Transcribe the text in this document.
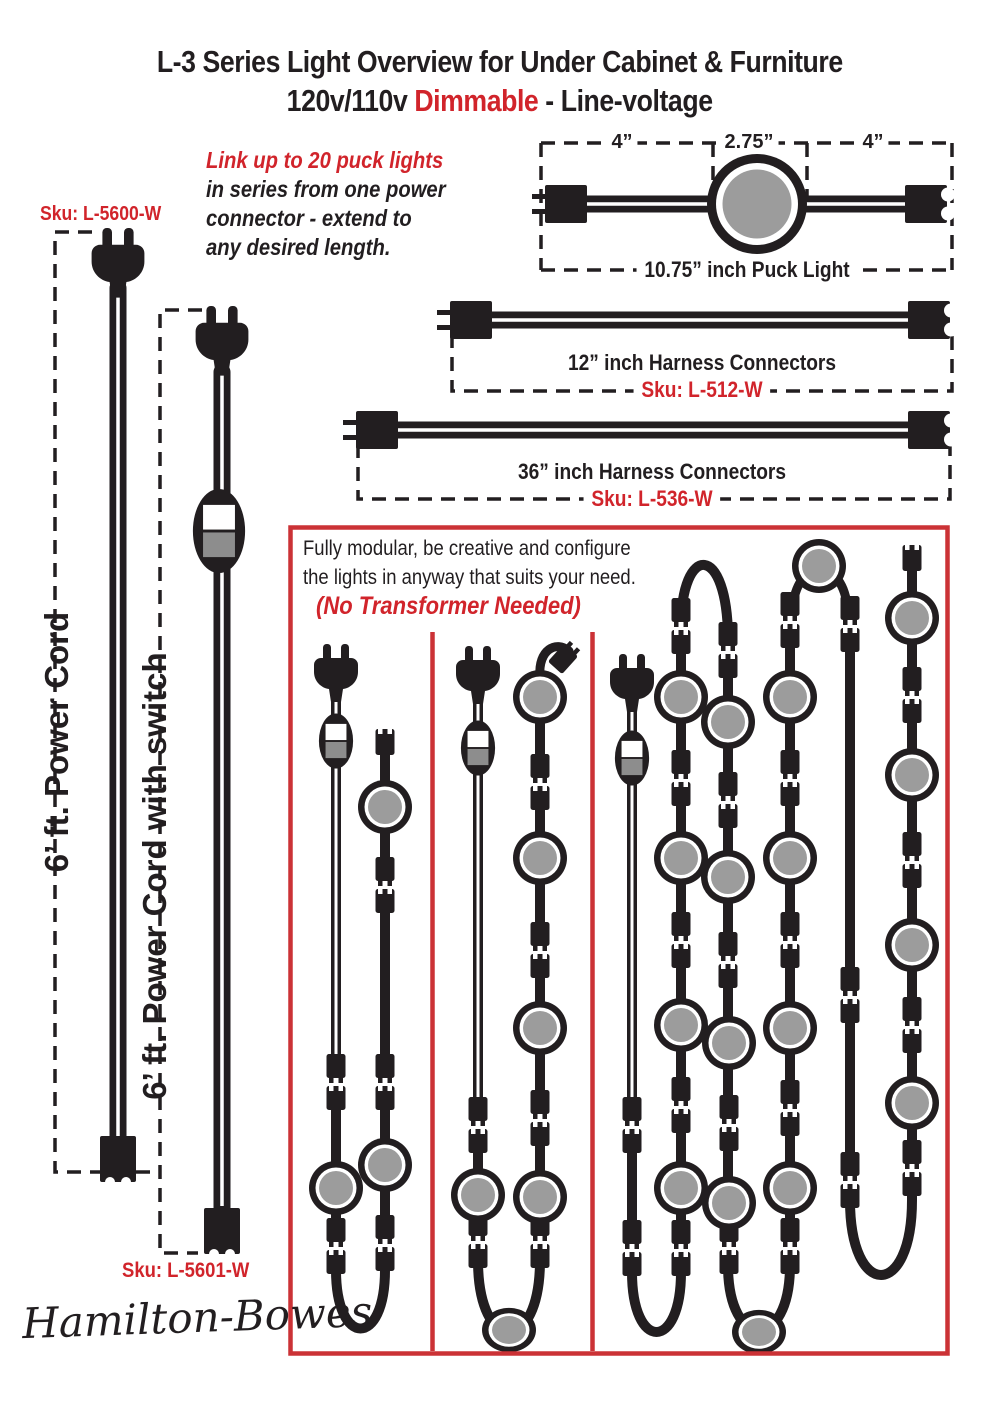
L-3 Series Light Overview for Under Cabinet & Furniture
120v/110v Dimmable - Line-voltage
Link up to 20 puck lights
in series from one power
connector - extend to
any desired length.
Sku: L-5600-W
4”	2.75”	4”
10.75” inch Puck Light
12” inch Harness Connectors
Sku: L-512-W
36” inch Harness Connectors
Sku: L-536-W
Fully modular, be creative and configure
the lights in anyway that suits your need.
(No Transformer Needed)
6’ ft. Power Cord 6’ ft. Power Cord with switch
Sku: L-5601-W
Hamilton-Bowes
